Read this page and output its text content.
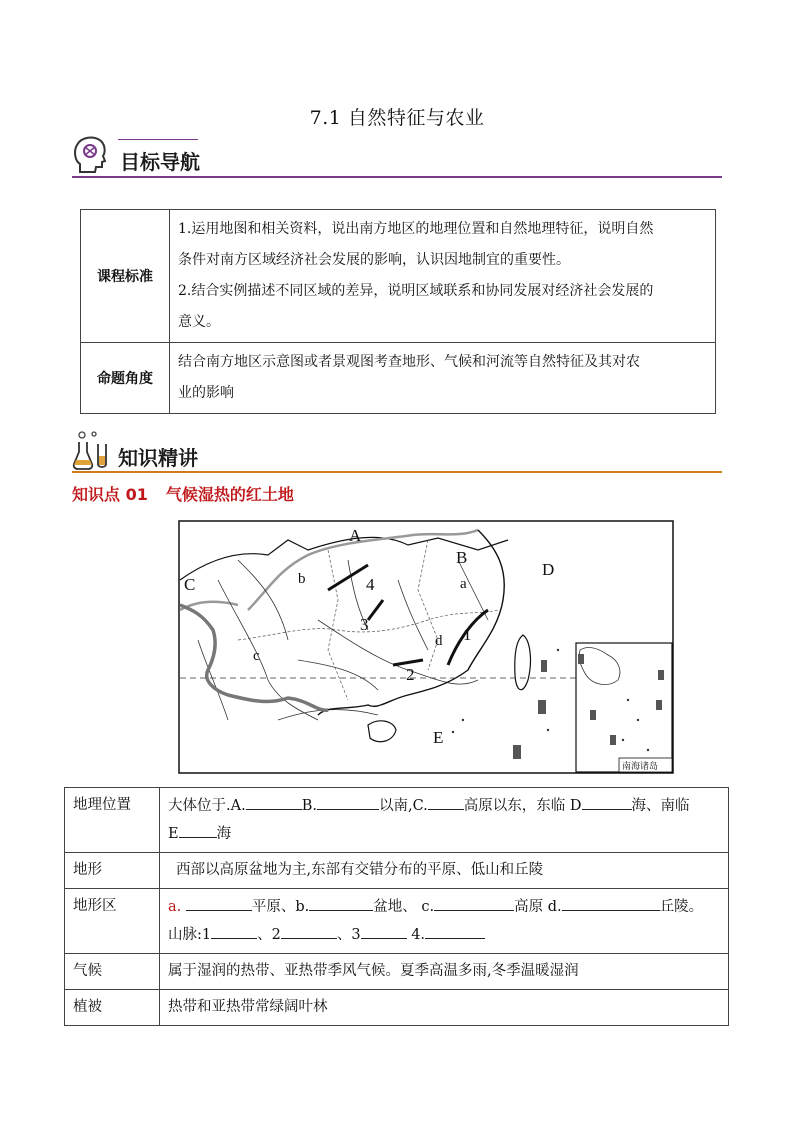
7.1 自然特征与农业
目标导航
课程标准	1.运用地图和相关资料，说出南方地区的地理位置和自然地理特征，说明自然
条件对南方区域经济社会发展的影响，认识因地制宜的重要性。
2.结合实例描述不同区域的差异，说明区域联系和协同发展对经济社会发展的
意义。

命题角度	结合南方地区示意图或者景观图考查地形、气候和河流等自然特征及其对农
业的影响
知识精讲
知识点 01 气候湿热的红土地
A
B
C
D
E
a
b
c
d 1
2
3
4
南海诸岛
地理位置	大体位于.A. B. 以南,C. 高原以东，东临 D 海、南临
E 海
地形	西部以高原盆地为主,东部有交错分布的平原、低山和丘陵
地形区	a. 平原、b. 盆地、 c. 高原 d. 丘陵。
山脉:1 、2 、3 4.
气候	属于湿润的热带、亚热带季风气候。夏季高温多雨,冬季温暖湿润
植被	热带和亚热带常绿阔叶林
